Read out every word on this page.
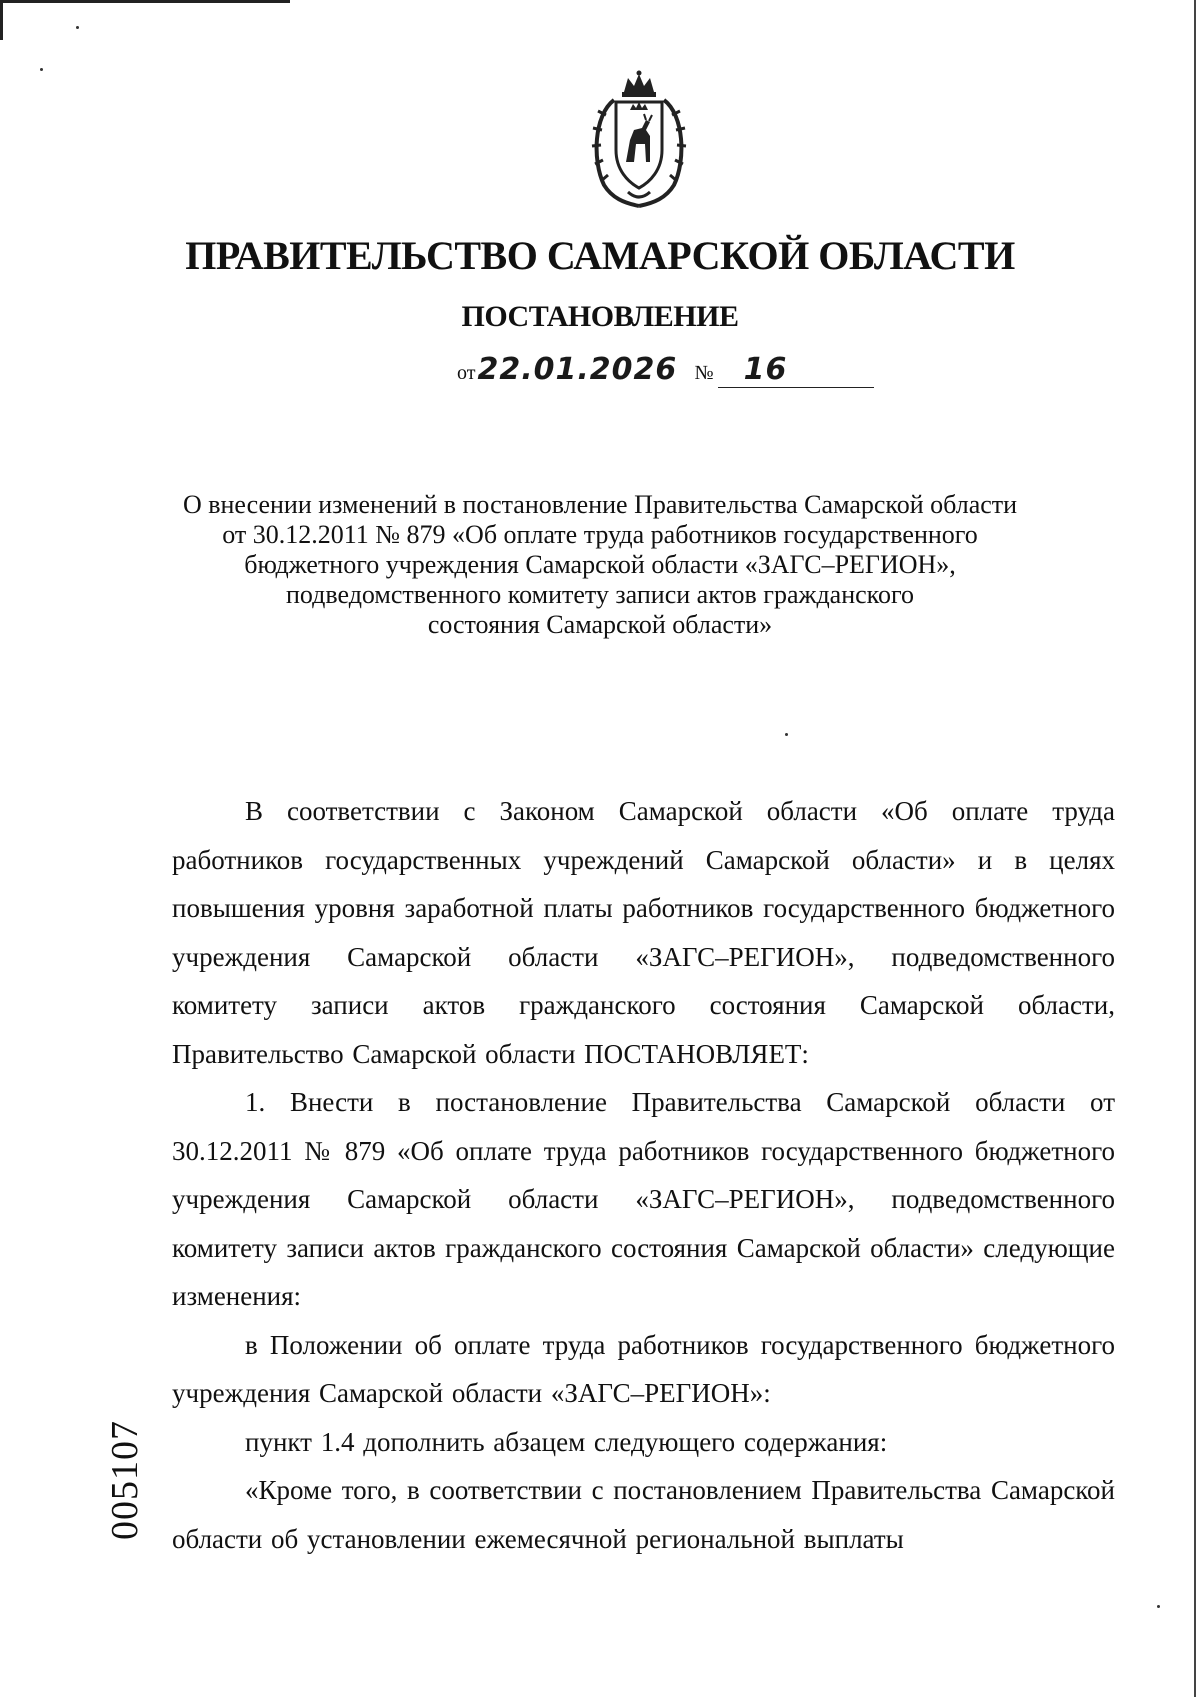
ПРАВИТЕЛЬСТВО САМАРСКОЙ ОБЛАСТИ
ПОСТАНОВЛЕНИЕ
от22.01.2026 № 16
О внесении изменений в постановление Правительства Самарской области
от 30.12.2011 № 879 «Об оплате труда работников государственного
бюджетного учреждения Самарской области «ЗАГС–РЕГИОН»,
подведомственного комитету записи актов гражданского
состояния Самарской области»

В соответствии с Законом Самарской области «Об оплате труда работников государственных учреждений Самарской области» и в целях повышения уровня заработной платы работников государственного бюджетного учреждения Самарской области «ЗАГС–РЕГИОН», подведомственного комитету записи актов гражданского состояния Самарской области, Правительство Самарской области ПОСТАНОВЛЯЕТ:

1. Внести в постановление Правительства Самарской области от 30.12.2011 № 879 «Об оплате труда работников государственного бюджетного учреждения Самарской области «ЗАГС–РЕГИОН», подведомственного комитету записи актов гражданского состояния Самарской области» следующие изменения:

в Положении об оплате труда работников государственного бюджетного учреждения Самарской области «ЗАГС–РЕГИОН»:

пункт 1.4 дополнить абзацем следующего содержания:

«Кроме того, в соответствии с постановлением Правительства Самарской области об установлении ежемесячной региональной выплаты

005107
